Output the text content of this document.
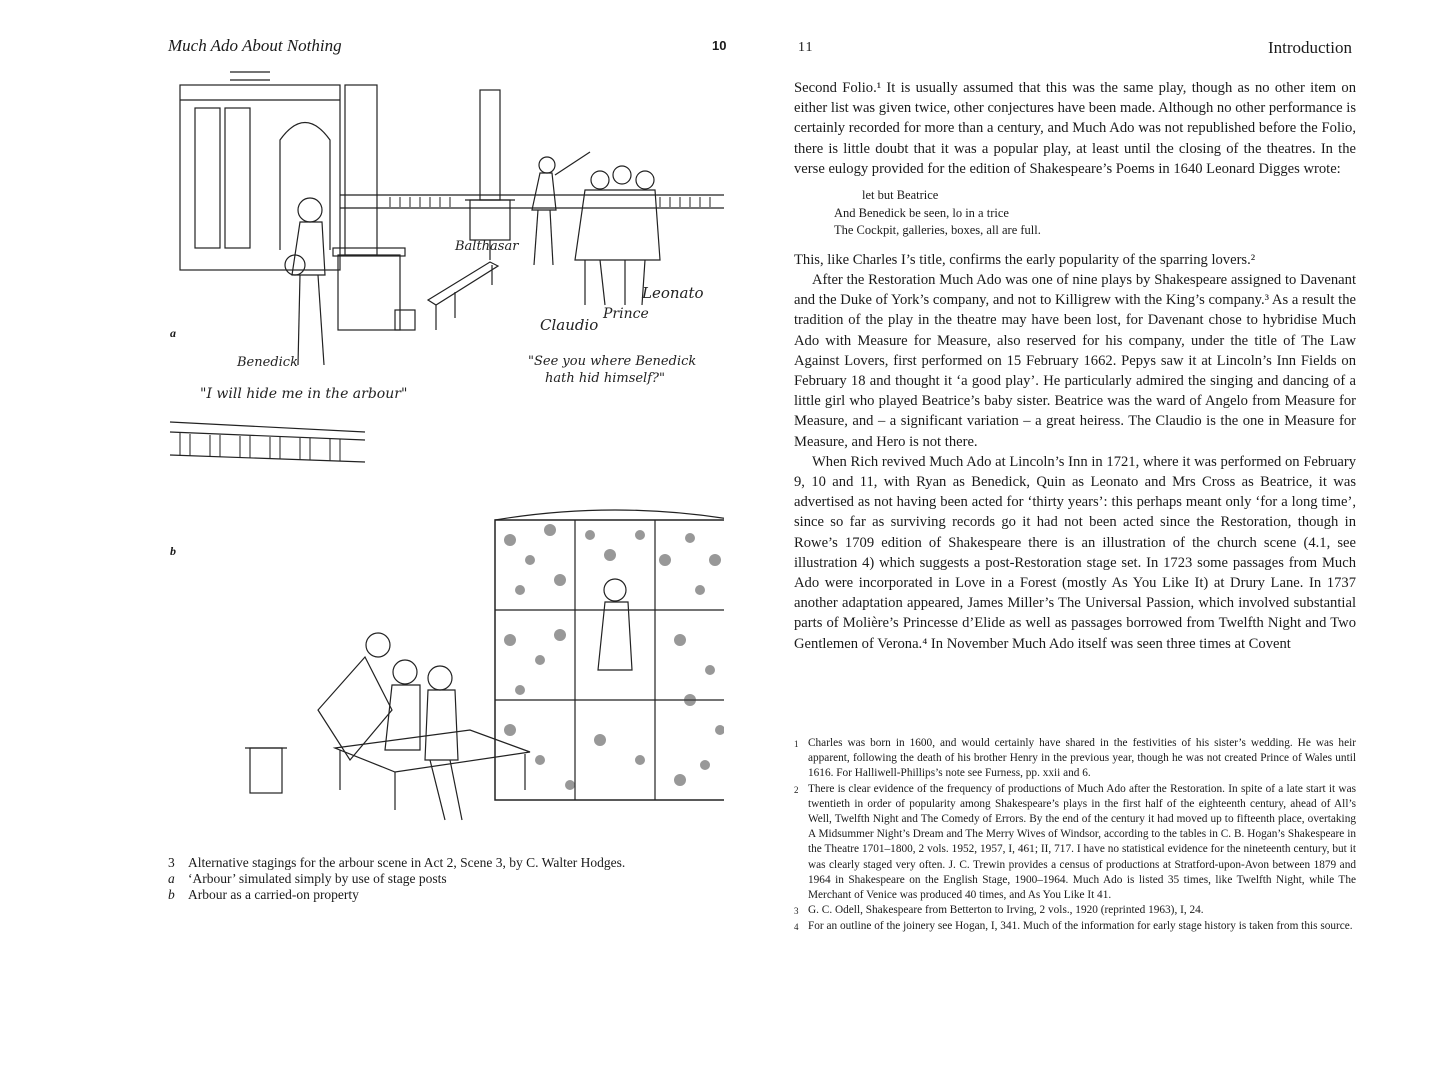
Much Ado About Nothing	10
Balthasar
Leonato
Prince
Claudio
Benedick
"I will hide me in the arbour"
"See you where Benedick
hath hid himself?"
a
b
3 Alternative stagings for the arbour scene in Act 2, Scene 3, by C. Walter Hodges.
a ‘Arbour’ simulated simply by use of stage posts
b Arbour as a carried-on property
11	Introduction

Second Folio.¹ It is usually assumed that this was the same play, though as no other item on either list was given twice, other conjectures have been made. Although no other performance is certainly recorded for more than a century, and Much Ado was not republished before the Folio, there is little doubt that it was a popular play, at least until the closing of the theatres. In the verse eulogy provided for the edition of Shakespeare’s Poems in 1640 Leonard Digges wrote:

let but Beatrice
And Benedick be seen, lo in a trice
The Cockpit, galleries, boxes, all are full.

This, like Charles I’s title, confirms the early popularity of the sparring lovers.²

After the Restoration Much Ado was one of nine plays by Shakespeare assigned to Davenant and the Duke of York’s company, and not to Killigrew with the King’s company.³ As a result the tradition of the play in the theatre may have been lost, for Davenant chose to hybridise Much Ado with Measure for Measure, also reserved for his company, under the title of The Law Against Lovers, first performed on 15 February 1662. Pepys saw it at Lincoln’s Inn Fields on February 18 and thought it ‘a good play’. He particularly admired the singing and dancing of a little girl who played Beatrice’s baby sister. Beatrice was the ward of Angelo from Measure for Measure, and – a significant variation – a great heiress. The Claudio is the one in Measure for Measure, and Hero is not there.

When Rich revived Much Ado at Lincoln’s Inn in 1721, where it was performed on February 9, 10 and 11, with Ryan as Benedick, Quin as Leonato and Mrs Cross as Beatrice, it was advertised as not having been acted for ‘thirty years’: this perhaps meant only ‘for a long time’, since so far as surviving records go it had not been acted since the Restoration, though in Rowe’s 1709 edition of Shakespeare there is an illustration of the church scene (4.1, see illustration 4) which suggests a post-Restoration stage set. In 1723 some passages from Much Ado were incorporated in Love in a Forest (mostly As You Like It) at Drury Lane. In 1737 another adaptation appeared, James Miller’s The Universal Passion, which involved substantial parts of Molière’s Princesse d’Elide as well as passages borrowed from Twelfth Night and Two Gentlemen of Verona.⁴ In November Much Ado itself was seen three times at Covent

1 Charles was born in 1600, and would certainly have shared in the festivities of his sister’s wedding. He was heir apparent, following the death of his brother Henry in the previous year, though he was not created Prince of Wales until 1616. For Halliwell-Phillips’s note see Furness, pp. xxii and 6.
2 There is clear evidence of the frequency of productions of Much Ado after the Restoration. In spite of a late start it was twentieth in order of popularity among Shakespeare’s plays in the first half of the eighteenth century, ahead of All’s Well, Twelfth Night and The Comedy of Errors. By the end of the century it had moved up to fifteenth place, overtaking A Midsummer Night’s Dream and The Merry Wives of Windsor, according to the tables in C. B. Hogan’s Shakespeare in the Theatre 1701–1800, 2 vols. 1952, 1957, I, 461; II, 717. I have no statistical evidence for the nineteenth century, but it was clearly staged very often. J. C. Trewin provides a census of productions at Stratford-upon-Avon between 1879 and 1964 in Shakespeare on the English Stage, 1900–1964. Much Ado is listed 35 times, like Twelfth Night, while The Merchant of Venice was produced 40 times, and As You Like It 41.
3 G. C. Odell, Shakespeare from Betterton to Irving, 2 vols., 1920 (reprinted 1963), I, 24.
4 For an outline of the joinery see Hogan, I, 341. Much of the information for early stage history is taken from this source.
